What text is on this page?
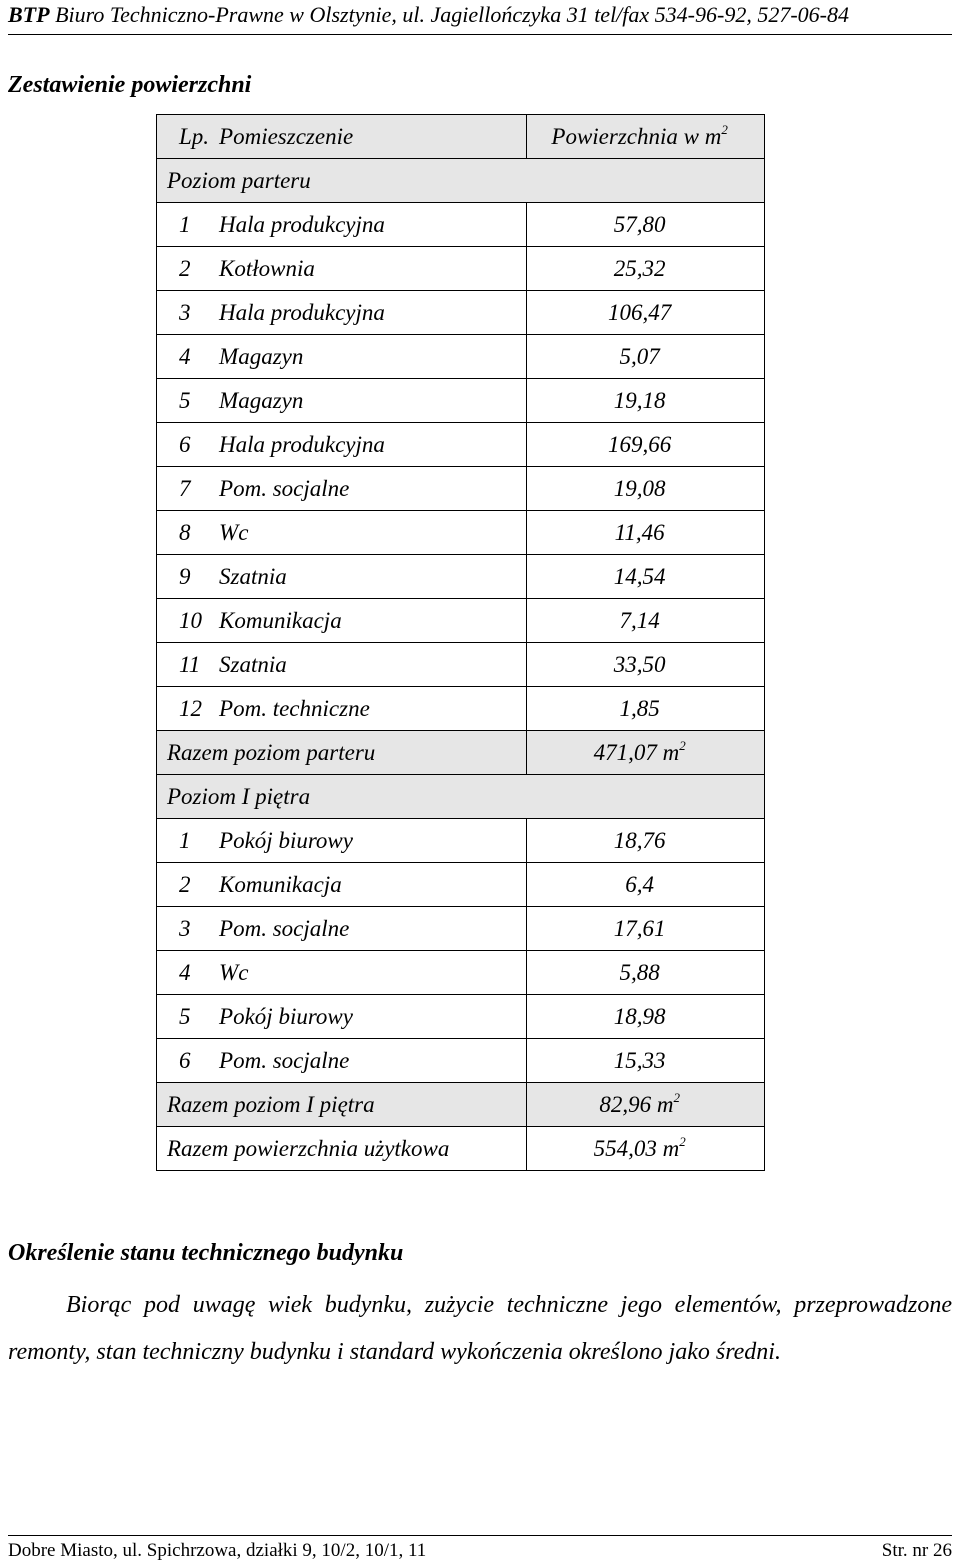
BTP Biuro Techniczno-Prawne w Olsztynie, ul. Jagiellończyka 31 tel/fax 534-96-92, 527-06-84
Zestawienie powierzchni
Lp.	Pomieszczenie	Powierzchnia w $m^2$
Poziom parteru		
1	Hala produkcyjna	57,80
2	Kotłownia	25,32
3	Hala produkcyjna	106,47
4	Magazyn	5,07
5	Magazyn	19,18
6	Hala produkcyjna	169,66
7	Pom. socjalne	19,08
8	Wc	11,46
9	Szatnia	14,54
10	Komunikacja	7,14
11	Szatnia	33,50
12	Pom. techniczne	1,85
Razem poziom parteru		471,07 $m^2$
Poziom I piętra		
1	Pokój biurowy	18,76
2	Komunikacja	6,4
3	Pom. socjalne	17,61
4	Wc	5,88
5	Pokój biurowy	18,98
6	Pom. socjalne	15,33
Razem poziom I piętra		82,96 $m^2$
Razem powierzchnia użytkowa		554,03 $m^2$
Określenie stanu technicznego budynku
Biorąc pod uwagę wiek budynku, zużycie techniczne jego elementów, przeprowadzone remonty, stan techniczny budynku i standard wykończenia określono jako średni.
Dobre Miasto, ul. Spichrzowa, działki 9, 10/2, 10/1, 11	Str. nr 26
